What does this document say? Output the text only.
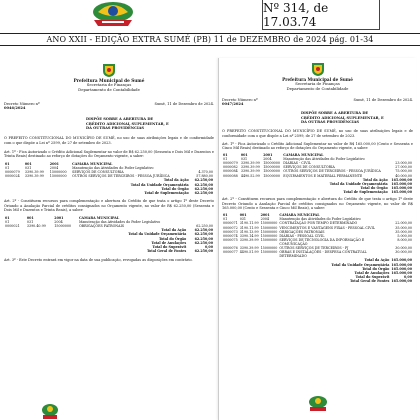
Nº 314, de 17.03.74
ANO XXII - EDIÇÃO EXTRA SUMÉ (PB) 11 de DEZEMBRO de 2024 pág. 01-34
Prefeitura Municipal de Sumé
Secretaria de Finanças
Departamento de Contabilidade
Decreto Número nº
0046/2024
Sumé, 11 de Dezembro de 2024.
DISPÕE SOBRE A ABERTURA DE
CRÉDITO ADICIONAL SUPLEMENTAR, E
DÁ OUTRAS PROVIDÊNCIAS

O PREFEITO CONSTITUCIONAL DO MUNICÍPIO DE SUMÉ, no uso de suas atribuições legais e de conformidade com o que dispõe a Lei nº 2599, de 27 de setembro de 2023.

Art. 1º - Fica Autorizado o Crédito Adicional Suplementar no valor de R$ 62.250,00 (Sessenta e Dois Mil e Duzentos e Trinta Reais) destinado ao reforço de dotações do Orçamento vigente, a saber:

01	001	2001	CAMARA MUNICIPAL	
01	031	2004	Manutenção das Atividades do Poder Legislativo	
0000079	3390.39.99	15000000	SERVIÇOS DE CONSULTORIA	4.370,00
0000024	3390.39.99	15000000	OUTROS SERVIÇOS DE TERCEIROS - PESSOA JURÍDICA	57.880,00
Total da Ação				62.250,00
Total da Unidade Orçamentária				62.250,00
Total do Órgão				62.250,00
Total de Suplementação				62.250,00

Art. 2º - Constituem recursos para complementação e abertura do Crédito de que trata o artigo 1º deste Decreto Oriundo a Anulação Parcial de créditos consignados no Orçamento vigente, no valor de R$ 62.250,00 (Sessenta e Dois Mil e Duzentos e Trinta Reais), a saber:

01	001	2001	CAMARA MUNICIPAL	
01	031	2004	Manutenção das Atividades do Poder Legislativo	
0000021	3390.40.99	15000000	OBRIGAÇÕES PATRONAIS	62.250,00
Total da Ação				62.250,00
Total da Unidade Orçamentária				62.250,00
Total do Órgão				62.250,00
Total de Anulações				62.250,00
Total do Superávit				0,00
Total Geral de Fontes				62.250,00

Art. 3º - Este Decreto entrará em vigor na data de sua publicação, revogadas as disposições em contrário.

Prefeitura Municipal de Sumé
Secretaria de Finanças
Departamento de Contabilidade
Decreto Número nº
0047/2024
Sumé, 11 de Dezembro de 2024.
DISPÕE SOBRE A ABERTURA DE
CRÉDITO ADICIONAL SUPLEMENTAR, E
DÁ OUTRAS PROVIDÊNCIAS

O PREFEITO CONSTITUCIONAL DO MUNICÍPIO DE SUMÉ, no uso de suas atribuições legais e de conformidade com o que dispõe a Lei nº 2599, de 27 de setembro de 2023.

Art. 1º - Fica Autorizado o Crédito Adicional Suplementar no valor de R$ 165.000,00 (Cento e Sessenta e Cinco Mil Reais) destinado ao reforço de dotações do Orçamento vigente, a saber:

01	001	2001	CAMARA MUNICIPAL	
01	031	2004	Manutenção das Atividades do Poder Legislativo	
0000079	3390.39.99	15000000	DIÁRIAS - CIVIL	23.000,00
0000082	3390.39.99	15000000	SERVIÇOS DE CONSULTORIA	27.000,00
0000084	3390.39.99	15000000	OUTROS SERVIÇOS DE TERCEIROS - PESSOA JURÍDICA	75.000,00
0000088	4490.52.99	15000000	EQUIPAMENTOS E MATERIAL PERMANENTE	40.000,00
Total da Ação				165.000,00
Total da Unidade Orçamentária				165.000,00
Total do Órgão				165.000,00
Total de Suplementação				165.000,00

Art. 2º - Constituem recursos para complementação e abertura do Crédito de que trata o artigo 1º deste Decreto Oriundo a Anulação Parcial de créditos consignados no Orçamento vigente, no valor de R$ 165.000,00 (Cento e Sessenta e Cinco Mil Reais), a saber:

01	001	2001	CAMARA MUNICIPAL	
01	031	2004	Manutenção das Atividades do Poder Legislativo	
0000071	3190.11.99	15000000	CONTRATAÇÃO POR TEMPO DETERMINADO	22.000,00
0000072	3190.11.99	15000000	VENCIMENTOS E VANTAGENS FIXAS - PESSOAL CIVIL	35.000,00
0000073	3190.13.99	15000000	OBRIGAÇÕES PATRONAIS	35.000,00
0000074	3390.14.99	15000000	DIÁRIAS - PESSOAL CIVIL	5.000,00
0000075	3390.39.99	15000000	SERVIÇOS DE TECNOLOGIA DA INFORMAÇÃO E COMUNICAÇÃO	8.000,00
0000076	3390.39.99	15000000	OUTROS SERVIÇOS DE TERCEIROS - PJ	30.000,00
0000077	4490.51.99	15000000	OBRAS E INSTALAÇÕES - DESPESA CONTRATUAL DETERMINADO	30.000,00
Total da Ação				165.000,00
Total da Unidade Orçamentária				165.000,00
Total do Órgão				165.000,00
Total de Anulações				165.000,00
Total do Superávit				0,00
Total Geral de Fontes				165.000,00
